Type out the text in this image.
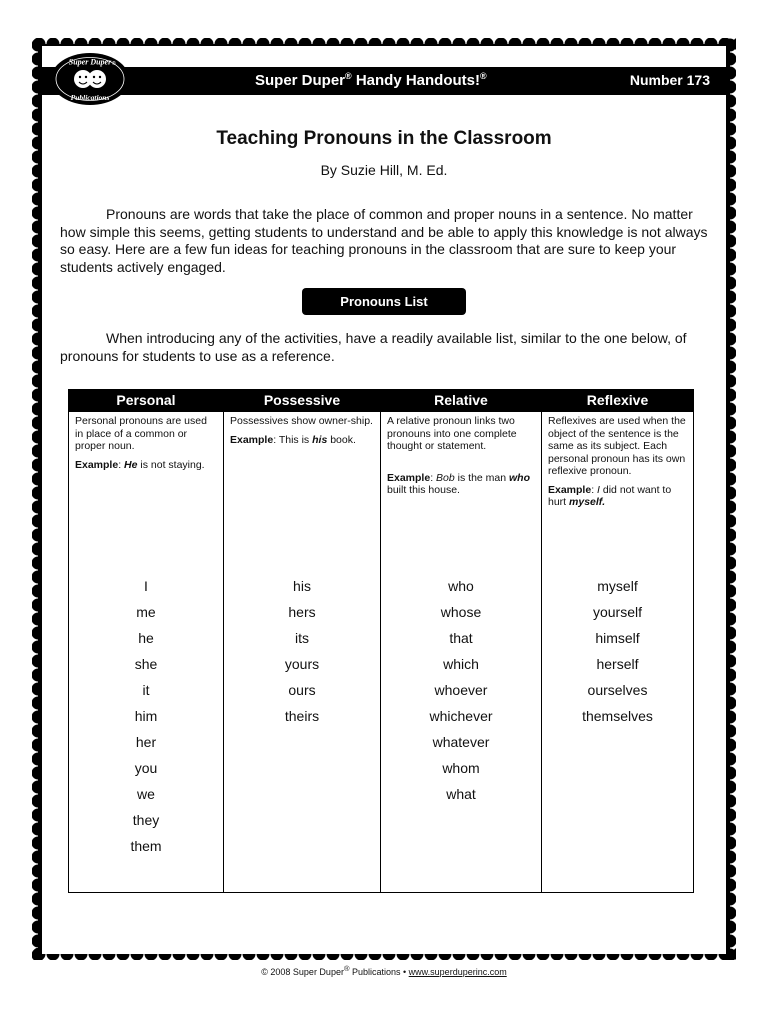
Super Duper
Publications
®
Super Duper® Handy Handouts!®	Number 173
Teaching Pronouns in the Classroom
By Suzie Hill, M. Ed.
Pronouns are words that take the place of common and proper nouns in a sentence. No matter how simple this seems, getting students to understand and be able to apply this knowledge is not always so easy. Here are a few fun ideas for teaching pronouns in the classroom that are sure to keep your students actively engaged.
Pronouns List
When introducing any of the activities, have a readily available list, similar to the one below, of pronouns for students to use as a reference.
Personal
Personal pronouns are used in place of a common or proper noun.
Example: He is not staying.
I
me
he
she
it
him
her
you
we
they
them
Possessive
Possessives show owner-ship.
Example: This is his book.
his
hers
its
yours
ours
theirs
Relative
A relative pronoun links two pronouns into one complete thought or statement.
Example: Bob is the man who built this house.
who
whose
that
which
whoever
whichever
whatever
whom
what
Reflexive
Reflexives are used when the object of the sentence is the same as its subject. Each personal pronoun has its own reflexive pronoun.
Example: I did not want to hurt myself.
myself
yourself
himself
herself
ourselves
themselves
© 2008 Super Duper® Publications • www.superduperinc.com
